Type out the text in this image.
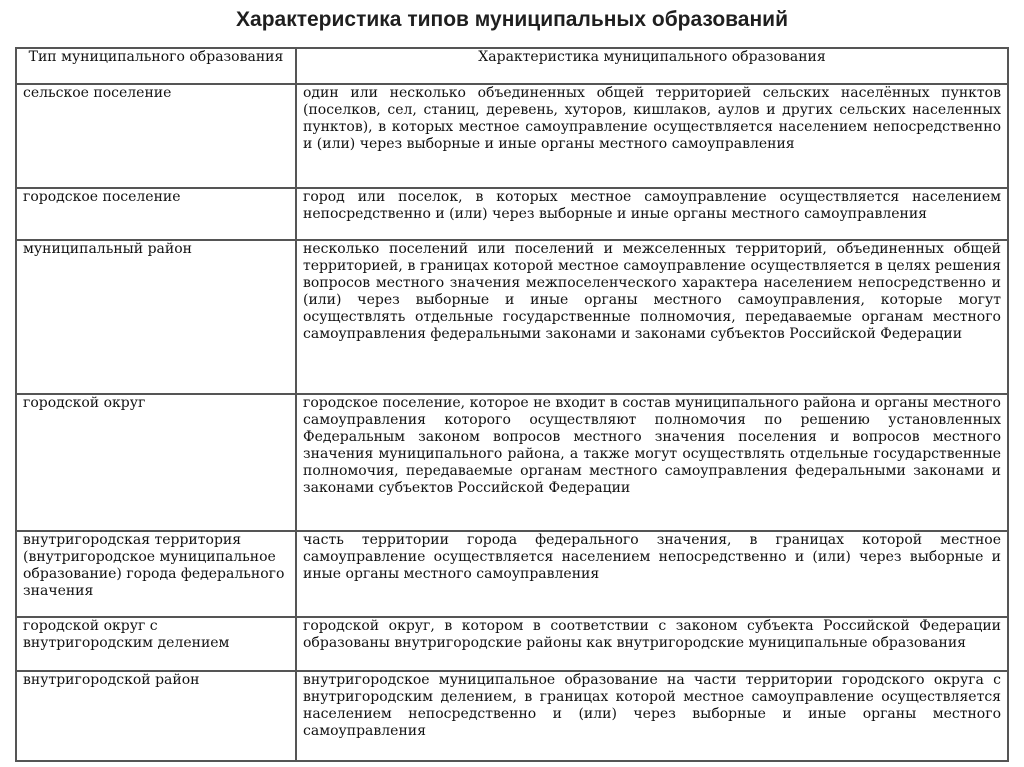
Характеристика типов муниципальных образований
Тип муниципального образования	Характеристика муниципального образования
сельское поселение	один или несколько объединенных общей территорией сельских населённых пунктов (поселков, сел, станиц, деревень, хуторов, кишлаков, аулов и других сельских населенных пунктов), в которых местное самоуправление осуществляется населением непосредственно и (или) через выборные и иные органы местного самоуправления
городское поселение	город или поселок, в которых местное самоуправление осуществляется населением непосредственно и (или) через выборные и иные органы местного самоуправления
муниципальный район	несколько поселений или поселений и межселенных территорий, объединенных общей территорией, в границах которой местное самоуправление осуществляется в целях решения вопросов местного значения межпоселенческого характера населением непосредственно и (или) через выборные и иные органы местного самоуправления, которые могут осуществлять отдельные государственные полномочия, передаваемые органам местного самоуправления федеральными законами и законами субъектов Российской Федерации
городской округ	городское поселение, которое не входит в состав муниципального района и органы местного самоуправления которого осуществляют полномочия по решению установленных Федеральным законом вопросов местного значения поселения и вопросов местного значения муниципального района, а также могут осуществлять отдельные государственные полномочия, передаваемые органам местного самоуправления федеральными законами и законами субъектов Российской Федерации
внутригородская территория (внутригородское муниципальное образование) города федерального значения	часть территории города федерального значения, в границах которой местное самоуправление осуществляется населением непосредственно и (или) через выборные и иные органы местного самоуправления
городской округ с внутригородским делением	городской округ, в котором в соответствии с законом субъекта Российской Федерации образованы внутригородские районы как внутригородские муниципальные образования
внутригородской район	внутригородское муниципальное образование на части территории городского округа с внутригородским делением, в границах которой местное самоуправление осуществляется населением непосредственно и (или) через выборные и иные органы местного самоуправления
